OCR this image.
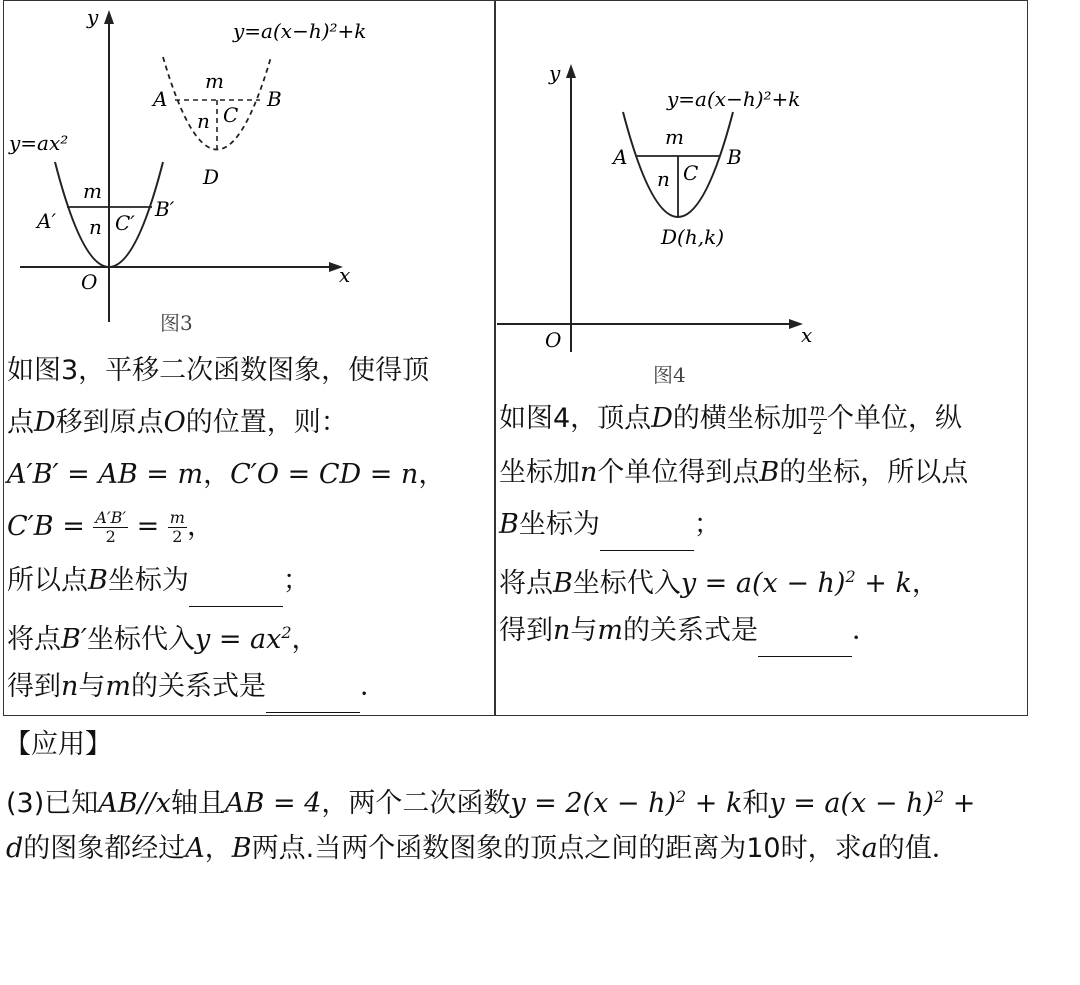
y
x
O
m
n C′
A′	B′
y=ax²
m
n C
A	B
D
y=a(x−h)²+k
图3
y
x
O
m
n C
A	B
D(h,k)
y=a(x−h)²+k
图4
如图3，平移二次函数图象，使得顶
点D移到原点O的位置，则：
A′B′ = AB = m，C′O = CD = n，
$C'B = \frac{A'B'}{2} = \frac{m}{2}$ ，
所以点B坐标为	；
将点B′坐标代入$y = ax^2$，
得到n与m的关系式是	．
如图4，顶点D的横坐标加 $\frac{m}{2}$ 个单位，纵
坐标加n个单位得到点B的坐标，所以点
B坐标为	；
将点B坐标代入$y = a(x - h)^2 + k$，
得到n与m的关系式是	．
【应用】
(3)已知AB//x轴且AB = 4，两个二次函数$y = 2(x - h)^2 + k$和$y = a(x - h)^2$ +
d的图象都经过A，B两点.当两个函数图象的顶点之间的距离为10时，求a的值．
